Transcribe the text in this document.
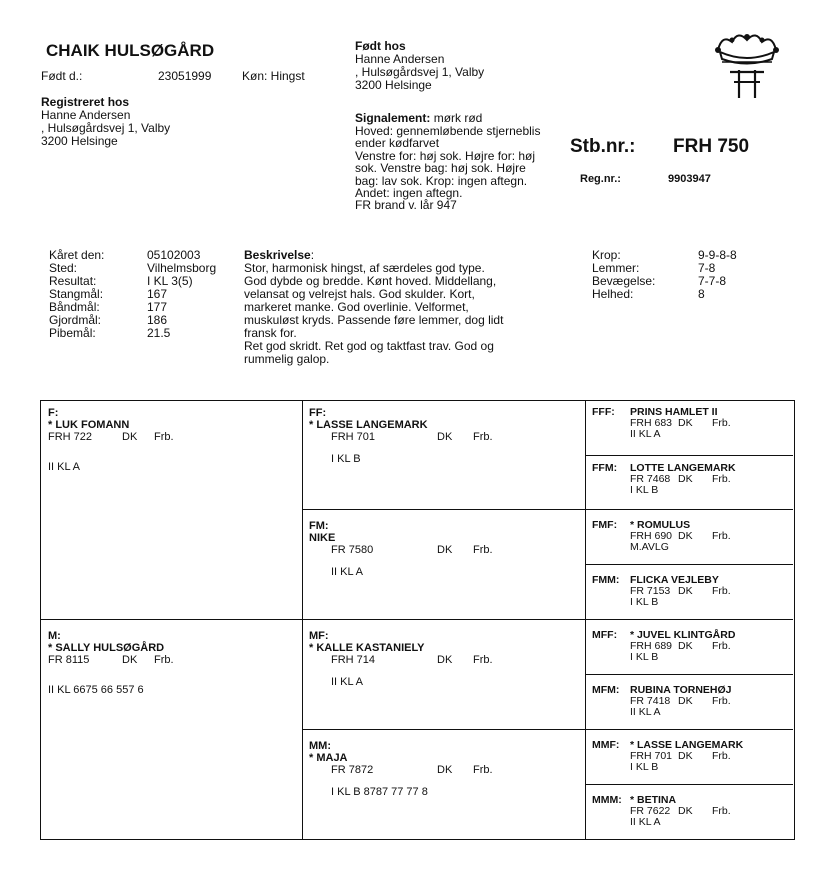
CHAIK HULSØGÅRD
Født d.:	23051999	Køn: Hingst
Registreret hos
Hanne Andersen
, Hulsøgårdsvej 1, Valby
3200 Helsinge
Født hos
Hanne Andersen
, Hulsøgårdsvej 1, Valby
3200 Helsinge
Signalement: mørk rød
Hoved: gennemløbende stjerneblis
ender kødfarvet
Venstre for: høj sok. Højre for: høj
sok. Venstre bag: høj sok. Højre
bag: lav sok. Krop: ingen aftegn.
Andet: ingen aftegn.
FR brand v. lår 947
Stb.nr.: FRH 750
Reg.nr.:	9903947
Kåret den:	05102003
Sted:	Vilhelmsborg
Resultat:	I KL 3(5)
Stangmål:	167
Båndmål:	177
Gjordmål:	186
Pibemål:	21.5
Beskrivelse:
Stor, harmonisk hingst, af særdeles god type.
God dybde og bredde. Kønt hoved. Middellang,
velansat og velrejst hals. God skulder. Kort,
markeret manke. God overlinie. Velformet,
muskuløst kryds. Passende føre lemmer, dog lidt
fransk for.
Ret god skridt. Ret god og taktfast trav. God og
rummelig galop.
Krop:	9-9-8-8
Lemmer:	7-8
Bevægelse:	7-7-8
Helhed:	8
F:
* LUK FOMANN
FRH 722	DK	Frb.
II KL A
M:
* SALLY HULSØGÅRD
FR 8115	DK	Frb.
II KL 6675 66 557 6
FF:
* LASSE LANGEMARK
FRH 701	DK	Frb.
I KL B
FM:
NIKE
FR 7580	DK	Frb.
II KL A
MF:
* KALLE KASTANIELY
FRH 714	DK	Frb.
II KL A
MM:
* MAJA
FR 7872	DK	Frb.
I KL B 8787 77 77 8
FFF:	PRINS HAMLET II
FRH 683 DK	Frb.
II KL A
FFM:	LOTTE LANGEMARK
FR 7468 DK	Frb.
I KL B
FMF:	* ROMULUS
FRH 690 DK	Frb.
M.AVLG
FMM:	FLICKA VEJLEBY
FR 7153 DK	Frb.
I KL B
MFF:	* JUVEL KLINTGÅRD
FRH 689 DK	Frb.
I KL B
MFM:	RUBINA TORNEHØJ
FR 7418 DK	Frb.
II KL A
MMF:	* LASSE LANGEMARK
FRH 701 DK	Frb.
I KL B
MMM: * BETINA
FR 7622 DK	Frb.
II KL A
